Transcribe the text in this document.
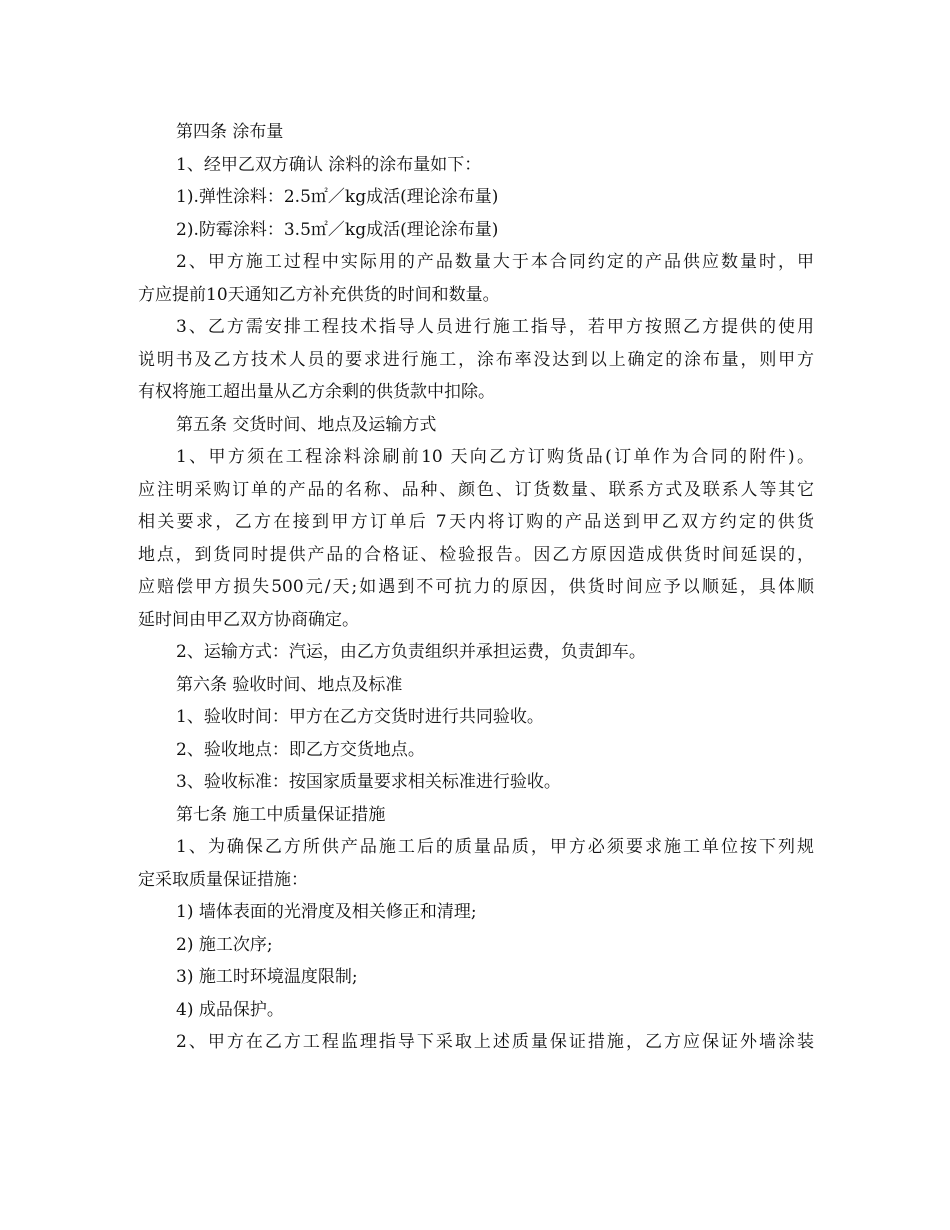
第四条 涂布量
1、经甲乙双方确认 涂料的涂布量如下：
1).弹性涂料：2.5㎡／kg成活(理论涂布量)
2).防霉涂料：3.5㎡／kg成活(理论涂布量)
2、甲方施工过程中实际用的产品数量大于本合同约定的产品供应数量时，甲
方应提前10天通知乙方补充供货的时间和数量。
3、乙方需安排工程技术指导人员进行施工指导，若甲方按照乙方提供的使用
说明书及乙方技术人员的要求进行施工，涂布率没达到以上确定的涂布量，则甲方
有权将施工超出量从乙方余剩的供货款中扣除。
第五条 交货时间、地点及运输方式
1、甲方须在工程涂料涂刷前10 天向乙方订购货品(订单作为合同的附件)。
应注明采购订单的产品的名称、品种、颜色、订货数量、联系方式及联系人等其它
相关要求，乙方在接到甲方订单后 7天内将订购的产品送到甲乙双方约定的供货
地点，到货同时提供产品的合格证、检验报告。因乙方原因造成供货时间延误的，
应赔偿甲方损失500元/天;如遇到不可抗力的原因，供货时间应予以顺延，具体顺
延时间由甲乙双方协商确定。
2、运输方式：汽运，由乙方负责组织并承担运费，负责卸车。
第六条 验收时间、地点及标准
1、验收时间：甲方在乙方交货时进行共同验收。
2、验收地点：即乙方交货地点。
3、验收标准：按国家质量要求相关标准进行验收。
第七条 施工中质量保证措施
1、为确保乙方所供产品施工后的质量品质，甲方必须要求施工单位按下列规
定采取质量保证措施：
1) 墙体表面的光滑度及相关修正和清理;
2) 施工次序;
3) 施工时环境温度限制;
4) 成品保护。
2、甲方在乙方工程监理指导下采取上述质量保证措施，乙方应保证外墙涂装
